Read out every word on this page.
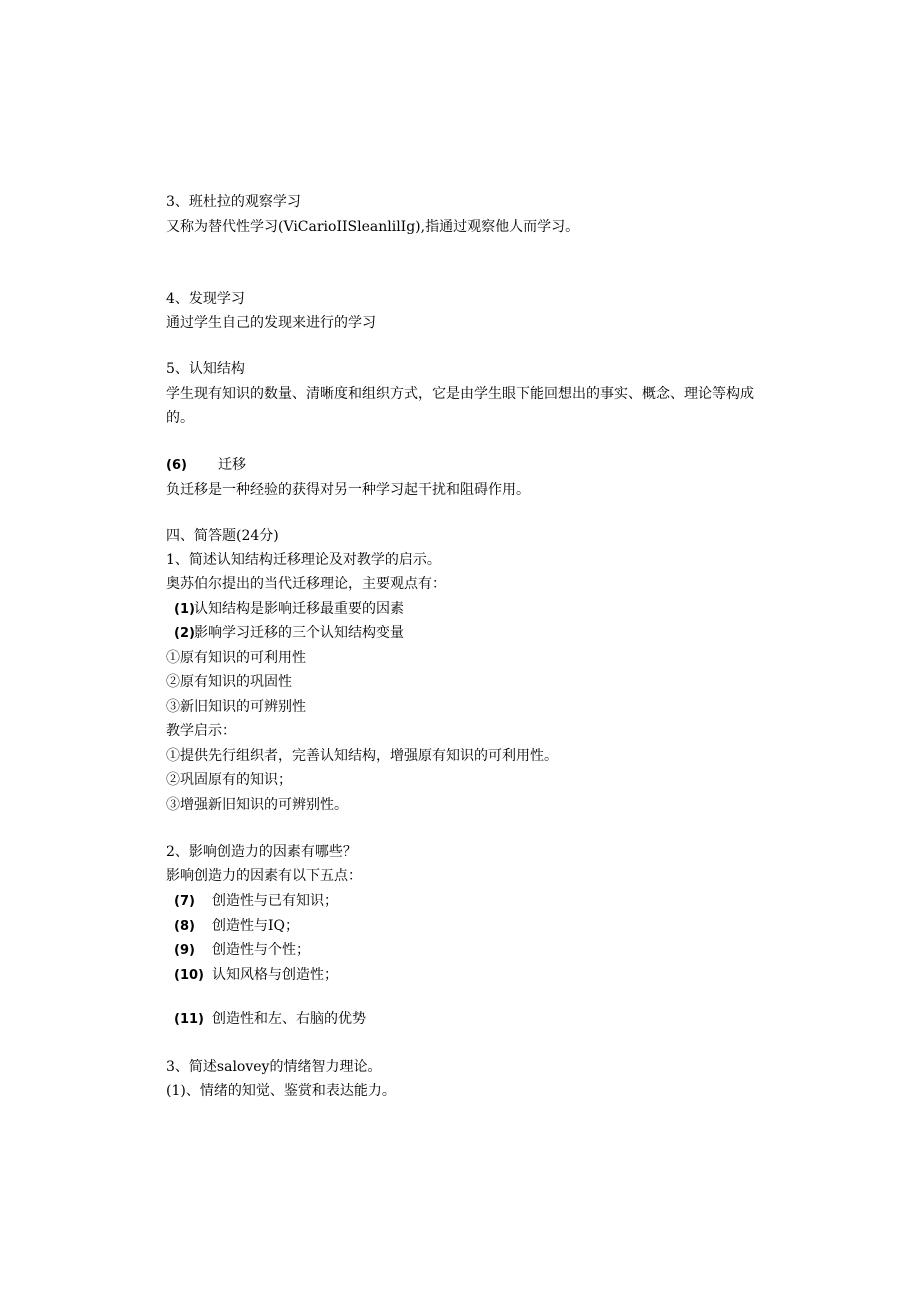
3、班杜拉的观察学习
又称为替代性学习(ViCarioIISleanlilIg),指通过观察他人而学习。
4、发现学习
通过学生自己的发现来进行的学习
5、认知结构
学生现有知识的数量、清晰度和组织方式，它是由学生眼下能回想出的事实、概念、理论等构成
的。
(6) 迁移
负迁移是一种经验的获得对另一种学习起干扰和阻碍作用。
四、简答题(24分)
1、简述认知结构迁移理论及对教学的启示。
奥苏伯尔提出的当代迁移理论，主要观点有：
(1)认知结构是影响迁移最重要的因素
(2)影响学习迁移的三个认知结构变量
①原有知识的可利用性
②原有知识的巩固性
③新旧知识的可辨别性
教学启示：
①提供先行组织者，完善认知结构，增强原有知识的可利用性。
②巩固原有的知识；
③增强新旧知识的可辨别性。
2、影响创造力的因素有哪些？
影响创造力的因素有以下五点：
(7) 创造性与已有知识；
(8) 创造性与IQ；
(9) 创造性与个性；
(10) 认知风格与创造性；
(11) 创造性和左、右脑的优势
3、简述salovey的情绪智力理论。
(1)、情绪的知觉、鉴赏和表达能力。
